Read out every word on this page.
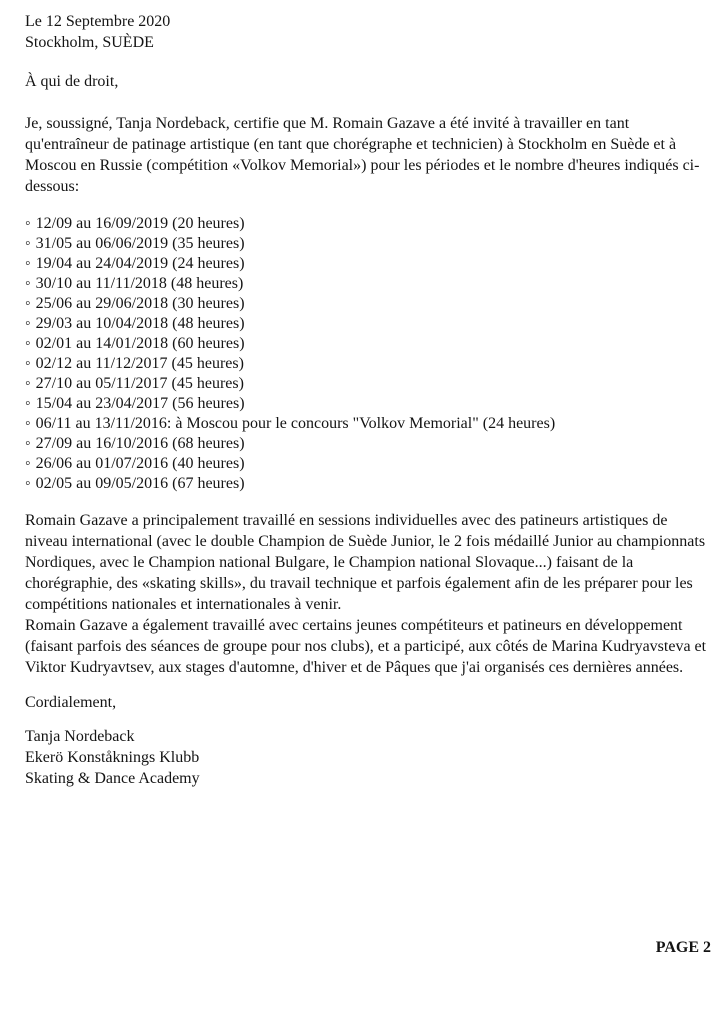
Le 12 Septembre 2020

Stockholm, SUÈDE

À qui de droit,

Je, soussigné, Tanja Nordeback, certifie que M. Romain Gazave a été invité à travailler en tant qu'entraîneur de patinage artistique (en tant que chorégraphe et technicien) à Stockholm en Suède et à Moscou en Russie (compétition «Volkov Memorial») pour les périodes et le nombre d'heures indiqués ci-dessous:

◦ 12/09 au 16/09/2019 (20 heures)
◦ 31/05 au 06/06/2019 (35 heures)
◦ 19/04 au 24/04/2019 (24 heures)
◦ 30/10 au 11/11/2018 (48 heures)
◦ 25/06 au 29/06/2018 (30 heures)
◦ 29/03 au 10/04/2018 (48 heures)
◦ 02/01 au 14/01/2018 (60 heures)
◦ 02/12 au 11/12/2017 (45 heures)
◦ 27/10 au 05/11/2017 (45 heures)
◦ 15/04 au 23/04/2017 (56 heures)
◦ 06/11 au 13/11/2016: à Moscou pour le concours "Volkov Memorial" (24 heures)
◦ 27/09 au 16/10/2016 (68 heures)
◦ 26/06 au 01/07/2016 (40 heures)
◦ 02/05 au 09/05/2016 (67 heures)

Romain Gazave a principalement travaillé en sessions individuelles avec des patineurs artistiques de niveau international (avec le double Champion de Suède Junior, le 2 fois médaillé Junior au championnats Nordiques, avec le Champion national Bulgare, le Champion national Slovaque...) faisant de la chorégraphie, des «skating skills», du travail technique et parfois également afin de les préparer pour les compétitions nationales et internationales à venir.

Romain Gazave a également travaillé avec certains jeunes compétiteurs et patineurs en développement (faisant parfois des séances de groupe pour nos clubs), et a participé, aux côtés de Marina Kudryavsteva et Viktor Kudryavtsev, aux stages d'automne, d'hiver et de Pâques que j'ai organisés ces dernières années.

Cordialement,

Tanja Nordeback

Ekerö Konståknings Klubb

Skating & Dance Academy

PAGE 2
